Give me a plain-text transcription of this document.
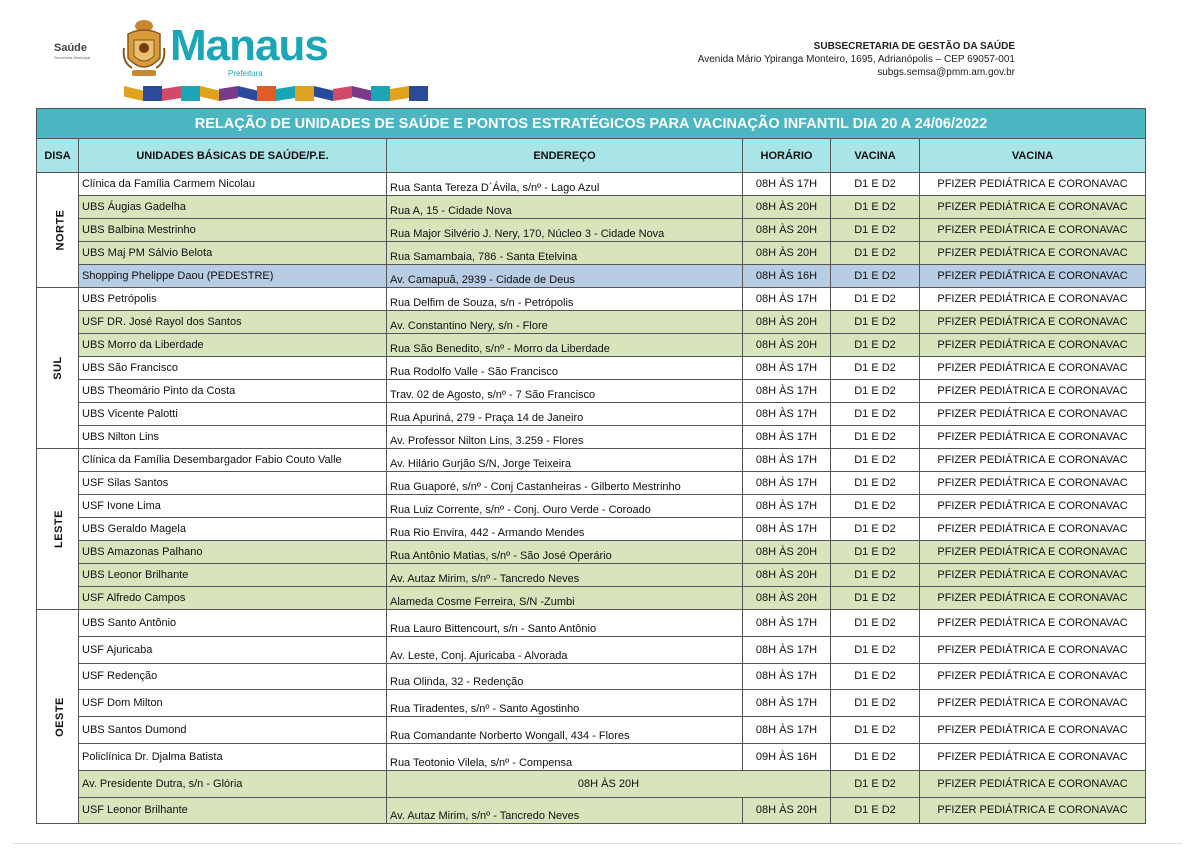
Saúde
Secretaria Municipal Manaus
Prefeitura
SUBSECRETARIA DE GESTÃO DA SAÚDE
Avenida Mário Ypiranga Monteiro, 1695, Adrianópolis – CEP 69057-001
subgs.semsa@pmm.am.gov.br
RELAÇÃO DE UNIDADES DE SAÚDE E PONTOS ESTRATÉGICOS PARA VACINAÇÃO INFANTIL DIA 20 A 24/06/2022					
DISA	UNIDADES BÁSICAS DE SAÚDE/P.E.	ENDEREÇO	HORÁRIO	VACINA	VACINA
NORTE	Clínica da Família Carmem Nicolau	Rua Santa Tereza D´Ávila, s/nº - Lago Azul	08H ÀS 17H	D1 E D2	PFIZER PEDIÁTRICA E CORONAVAC
	UBS Áugias Gadelha	Rua A, 15 - Cidade Nova	08H ÀS 20H	D1 E D2	PFIZER PEDIÁTRICA E CORONAVAC
	UBS Balbina Mestrinho	Rua Major Silvério J. Nery, 170, Núcleo 3 - Cidade Nova	08H ÀS 20H	D1 E D2	PFIZER PEDIÁTRICA E CORONAVAC
	UBS Maj PM Sálvio Belota	Rua Samambaia, 786 - Santa Etelvina	08H ÀS 20H	D1 E D2	PFIZER PEDIÁTRICA E CORONAVAC
	Shopping Phelippe Daou (PEDESTRE)	Av. Camapuã, 2939 - Cidade de Deus	08H ÀS 16H	D1 E D2	PFIZER PEDIÁTRICA E CORONAVAC
SUL	UBS Petrópolis	Rua Delfim de Souza, s/n - Petrópolis	08H ÀS 17H	D1 E D2	PFIZER PEDIÁTRICA E CORONAVAC
	USF DR. José Rayol dos Santos	Av. Constantino Nery, s/n - Flore	08H ÀS 20H	D1 E D2	PFIZER PEDIÁTRICA E CORONAVAC
	UBS Morro da Liberdade	Rua São Benedito, s/nº - Morro da Liberdade	08H ÀS 20H	D1 E D2	PFIZER PEDIÁTRICA E CORONAVAC
	UBS São Francisco	Rua Rodolfo Valle - São Francisco	08H ÀS 17H	D1 E D2	PFIZER PEDIÁTRICA E CORONAVAC
	UBS Theomário Pinto da Costa	Trav. 02 de Agosto, s/nº - 7 São Francisco	08H ÀS 17H	D1 E D2	PFIZER PEDIÁTRICA E CORONAVAC
	UBS Vicente Palotti	Rua Apuriná, 279 - Praça 14 de Janeiro	08H ÀS 17H	D1 E D2	PFIZER PEDIÁTRICA E CORONAVAC
	UBS Nilton Lins	Av. Professor Nilton Lins, 3.259 - Flores	08H ÀS 17H	D1 E D2	PFIZER PEDIÁTRICA E CORONAVAC
LESTE	Clínica da Família Desembargador Fabio Couto Valle	Av. Hilário Gurjão S/N, Jorge Teixeira	08H ÀS 17H	D1 E D2	PFIZER PEDIÁTRICA E CORONAVAC
	USF Silas Santos	Rua Guaporé, s/nº - Conj Castanheiras - Gilberto Mestrinho	08H ÀS 17H	D1 E D2	PFIZER PEDIÁTRICA E CORONAVAC
	USF Ivone Lima	Rua Luiz Corrente, s/nº - Conj. Ouro Verde - Coroado	08H ÀS 17H	D1 E D2	PFIZER PEDIÁTRICA E CORONAVAC
	UBS Geraldo Magela	Rua Rio Envira, 442 - Armando Mendes	08H ÀS 17H	D1 E D2	PFIZER PEDIÁTRICA E CORONAVAC
	UBS Amazonas Palhano	Rua Antônio Matias, s/nº - São José Operário	08H ÀS 20H	D1 E D2	PFIZER PEDIÁTRICA E CORONAVAC
	UBS Leonor Brilhante	Av. Autaz Mirim, s/nº - Tancredo Neves	08H ÀS 20H	D1 E D2	PFIZER PEDIÁTRICA E CORONAVAC
	USF Alfredo Campos	Alameda Cosme Ferreira, S/N -Zumbi	08H ÀS 20H	D1 E D2	PFIZER PEDIÁTRICA E CORONAVAC
OESTE	UBS Santo Antônio	Rua Lauro Bittencourt, s/n - Santo Antônio	08H ÀS 17H	D1 E D2	PFIZER PEDIÁTRICA E CORONAVAC
	USF Ajuricaba	Av. Leste, Conj. Ajuricaba - Alvorada	08H ÀS 17H	D1 E D2	PFIZER PEDIÁTRICA E CORONAVAC
	USF Redenção	Rua Olinda, 32 - Redenção	08H ÀS 17H	D1 E D2	PFIZER PEDIÁTRICA E CORONAVAC
	USF Dom Milton	Rua Tiradentes, s/nº - Santo Agostinho	08H ÀS 17H	D1 E D2	PFIZER PEDIÁTRICA E CORONAVAC
	UBS Santos Dumond	Rua Comandante Norberto Wongall, 434 - Flores	08H ÀS 17H	D1 E D2	PFIZER PEDIÁTRICA E CORONAVAC
	Policlínica Dr. Djalma Batista	Rua Teotonio Vilela, s/nº - Compensa	09H ÀS 16H	D1 E D2	PFIZER PEDIÁTRICA E CORONAVAC
	Av. Presidente Dutra, s/n - Glória	08H ÀS 20H		D1 E D2	PFIZER PEDIÁTRICA E CORONAVAC
	USF Leonor Brilhante	Av. Autaz Mirim, s/nº - Tancredo Neves	08H ÀS 20H	D1 E D2	PFIZER PEDIÁTRICA E CORONAVAC
